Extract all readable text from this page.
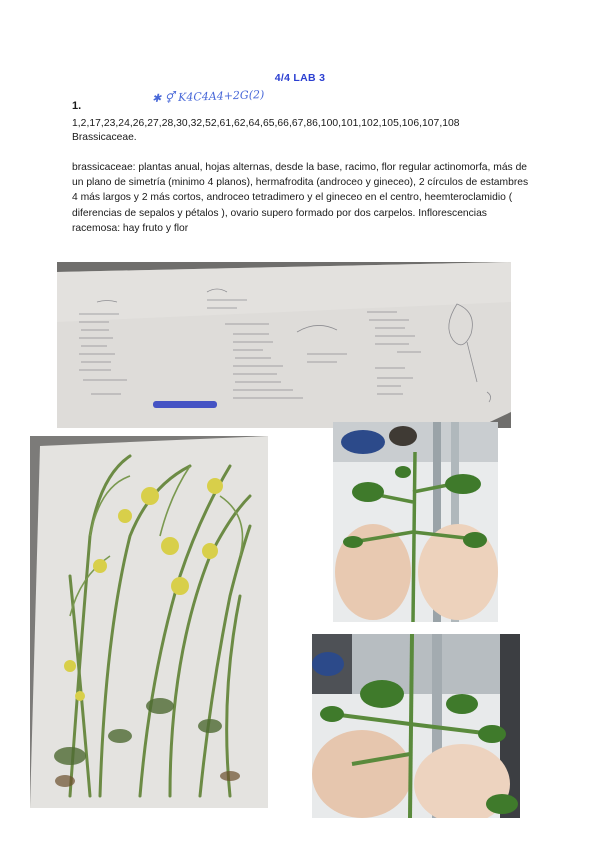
4/4 LAB 3
1.
✱ ⚥ K4C4A4+2G(2)
1,2,17,23,24,26,27,28,30,32,52,61,62,64,65,66,67,86,100,101,102,105,106,107,108
Brassicaceae.
brassicaceae: plantas anual, hojas alternas, desde la base, racimo, flor regular actinomorfa, más de un plano de simetría (minimo 4 planos), hermafrodita (androceo y gineceo), 2 círculos de estambres 4 más largos y 2 más cortos, androceo tetradimero y el gineceo en el centro, heemteroclamidio ( diferencias de sepalos y pétalos ), ovario supero formado por dos carpelos. Inflorescencias racemosa: hay fruto y flor
